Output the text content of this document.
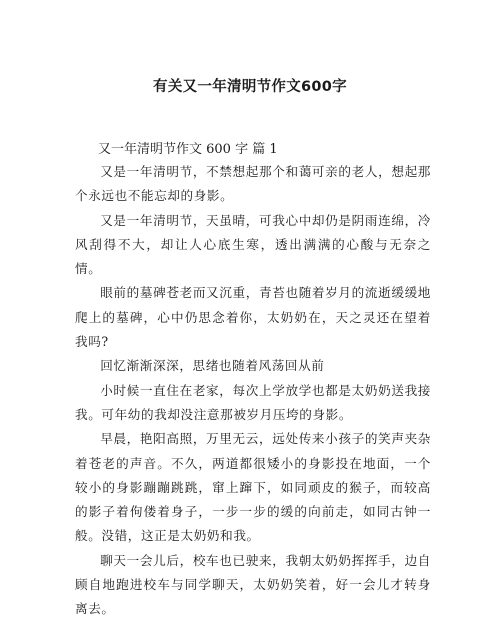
有关又一年清明节作文600字

又一年清明节作文 600 字 篇 1

又是一年清明节，不禁想起那个和蔼可亲的老人，想起那个永远也不能忘却的身影。

又是一年清明节，天虽晴，可我心中却仍是阴雨连绵，冷风刮得不大，却让人心底生寒，透出满满的心酸与无奈之情。

眼前的墓碑苍老而又沉重，青苔也随着岁月的流逝缓缓地爬上的墓碑，心中仍思念着你，太奶奶在，天之灵还在望着我吗?

回忆渐渐深深，思绪也随着风荡回从前

小时候一直住在老家，每次上学放学也都是太奶奶送我接我。可年幼的我却没注意那被岁月压垮的身影。

早晨，艳阳高照，万里无云，远处传来小孩子的笑声夹杂着苍老的声音。不久，两道都很矮小的身影投在地面，一个较小的身影蹦蹦跳跳，窜上蹿下，如同顽皮的猴子，而较高的影子着佝偻着身子，一步一步的缓的向前走，如同古钟一般。没错，这正是太奶奶和我。

聊天一会儿后，校车也已驶来，我朝太奶奶挥挥手，边自顾自地跑进校车与同学聊天，太奶奶笑着，好一会儿才转身离去。
